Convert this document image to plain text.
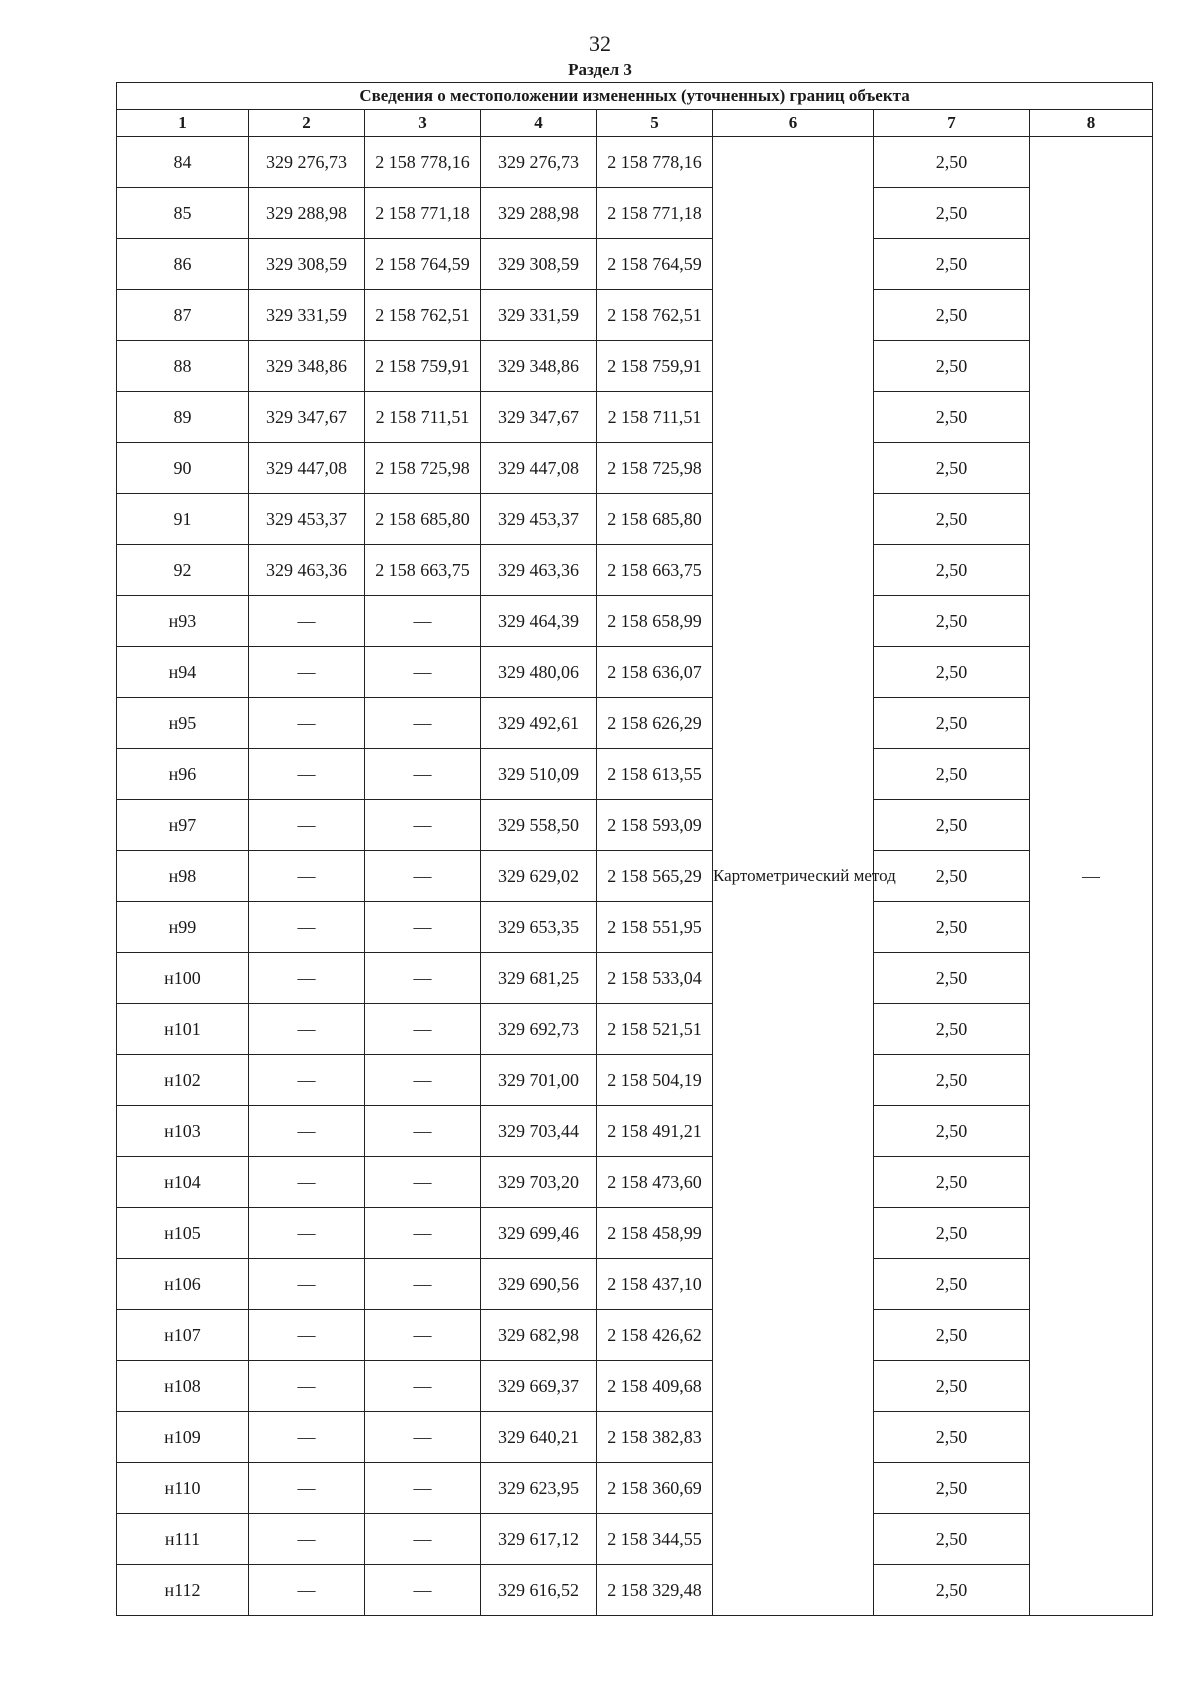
32
Раздел 3
Сведения о местоположении измененных (уточненных) границ объекта							
1	2	3	4	5	6	7	8
84	329 276,73	2 158 778,16	329 276,73	2 158 778,16	Картометрический метод	2,50	—
85	329 288,98	2 158 771,18	329 288,98	2 158 771,18		2,50	
86	329 308,59	2 158 764,59	329 308,59	2 158 764,59		2,50	
87	329 331,59	2 158 762,51	329 331,59	2 158 762,51		2,50	
88	329 348,86	2 158 759,91	329 348,86	2 158 759,91		2,50	
89	329 347,67	2 158 711,51	329 347,67	2 158 711,51		2,50	
90	329 447,08	2 158 725,98	329 447,08	2 158 725,98		2,50	
91	329 453,37	2 158 685,80	329 453,37	2 158 685,80		2,50	
92	329 463,36	2 158 663,75	329 463,36	2 158 663,75		2,50	
н93	—	—	329 464,39	2 158 658,99		2,50	
н94	—	—	329 480,06	2 158 636,07		2,50	
н95	—	—	329 492,61	2 158 626,29		2,50	
н96	—	—	329 510,09	2 158 613,55		2,50	
н97	—	—	329 558,50	2 158 593,09		2,50	
н98	—	—	329 629,02	2 158 565,29		2,50	
н99	—	—	329 653,35	2 158 551,95		2,50	
н100	—	—	329 681,25	2 158 533,04		2,50	
н101	—	—	329 692,73	2 158 521,51		2,50	
н102	—	—	329 701,00	2 158 504,19		2,50	
н103	—	—	329 703,44	2 158 491,21		2,50	
н104	—	—	329 703,20	2 158 473,60		2,50	
н105	—	—	329 699,46	2 158 458,99		2,50	
н106	—	—	329 690,56	2 158 437,10		2,50	
н107	—	—	329 682,98	2 158 426,62		2,50	
н108	—	—	329 669,37	2 158 409,68		2,50	
н109	—	—	329 640,21	2 158 382,83		2,50	
н110	—	—	329 623,95	2 158 360,69		2,50	
н111	—	—	329 617,12	2 158 344,55		2,50	
н112	—	—	329 616,52	2 158 329,48		2,50	
